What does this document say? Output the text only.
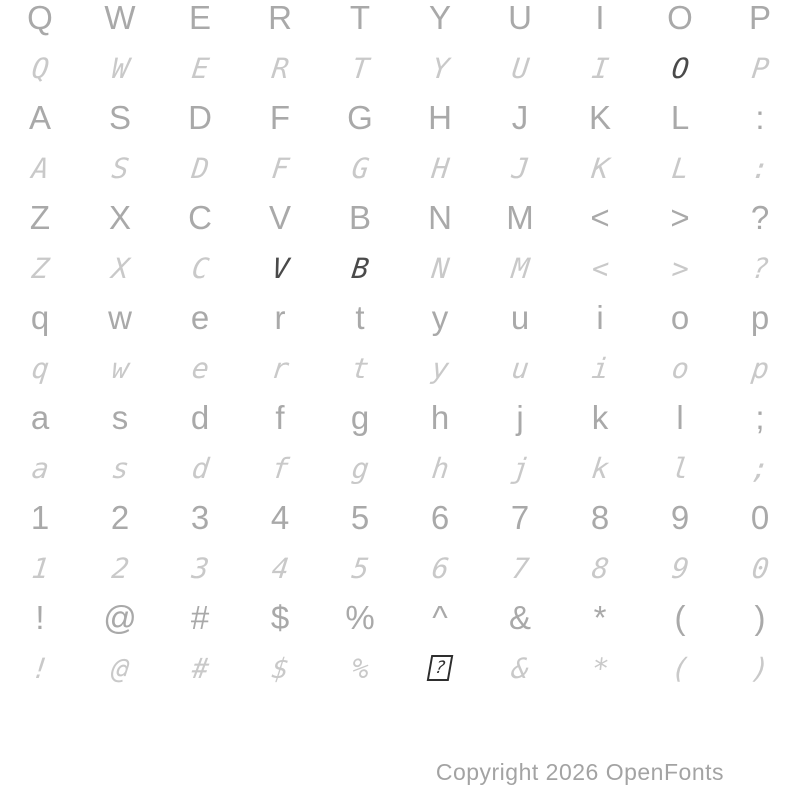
Q W E R T Y U I O P
Q W E R T Y U I O P
A S D F G H J K L :
A S D F G H J K L :
Z X C V B N M < > ?
Z X C V B N M < > ?
q w e r t y u i o p
q w e r t y u i o p
a s d f g h j k l ;
a s d f g h j k l ;
1 2 3 4 5 6 7 8 9 0
1 2 3 4 5 6 7 8 9 0
! @ # $ % ^ & * ( )
! @ # $ %	? & * ( )
Copyright 2026 OpenFonts
